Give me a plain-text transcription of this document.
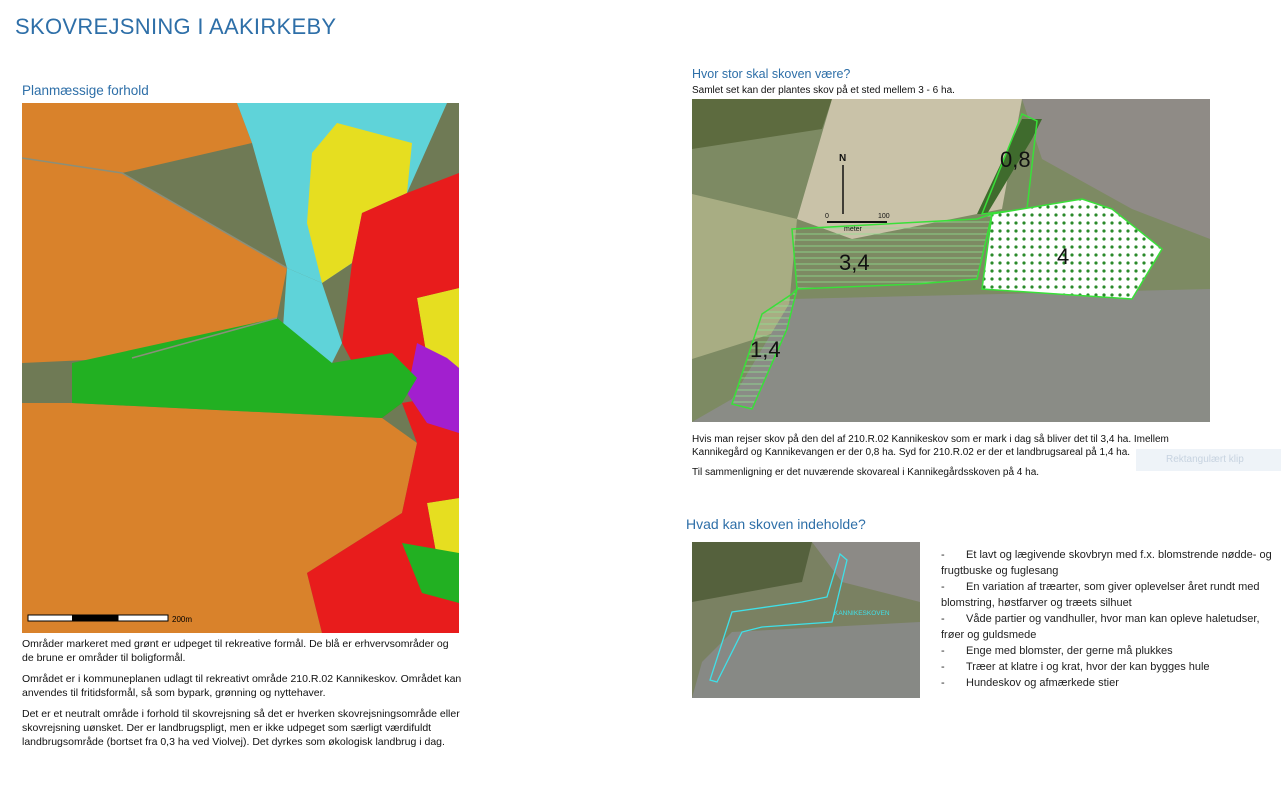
SKOVREJSNING I AAKIRKEBY
Planmæssige forhold
200m

Områder markeret med grønt er udpeget til rekreative formål. De blå er erhvervsområder og de brune er områder til boligformål.

Området er i kommuneplanen udlagt til rekreativt område 210.R.02 Kannikeskov. Området kan anvendes til fritidsformål, så som bypark, grønning og nyttehaver.

Det er et neutralt område i forhold til skovrejsning så det er hverken skovrejsningsområde eller skovrejsning uønsket. Der er landbrugspligt, men er ikke udpeget som særligt værdifuldt landbrugsområde (bortset fra 0,3 ha ved Violvej). Det dyrkes som økologisk landbrug i dag.

Hvor stor skal skoven være?
Samlet set kan der plantes skov på et sted mellem 3 - 6 ha.
0,8
3,4	4
1,4
N
0	100
meter

Hvis man rejser skov på den del af 210.R.02 Kannikeskov som er mark i dag så bliver det til 3,4 ha. Imellem Kannikegård og Kannikevangen er der 0,8 ha. Syd for 210.R.02 er der et landbrugsareal på 1,4 ha.

Til sammenligning er det nuværende skovareal i Kannikegårdsskoven på 4 ha.

Rektangulært klip
Hvad kan skoven indeholde?
KANNIKESKOVEN
- Et lavt og lægivende skovbryn med f.x. blomstrende nødde- og frugtbuske og fuglesang
- En variation af træarter, som giver oplevelser året rundt med blomstring, høstfarver og træets silhuet
- Våde partier og vandhuller, hvor man kan opleve haletudser, frøer og guldsmede
- Enge med blomster, der gerne må plukkes
- Træer at klatre i og krat, hvor der kan bygges hule
- Hundeskov og afmærkede stier
